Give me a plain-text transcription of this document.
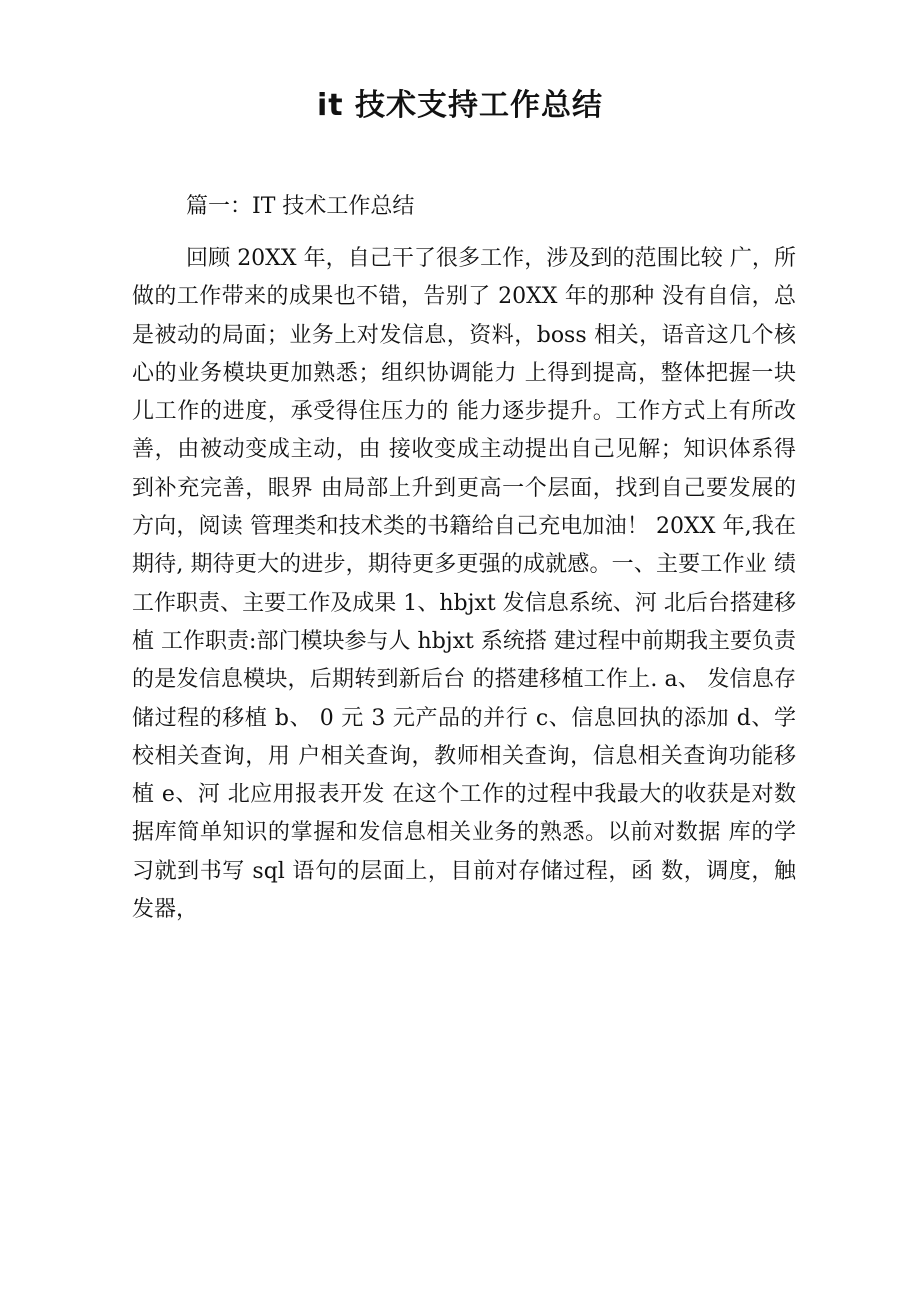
it 技术支持工作总结

篇一：IT 技术工作总结

回顾 20XX 年，自己干了很多工作，涉及到的范围比较 广，所做的工作带来的成果也不错，告别了 20XX 年的那种 没有自信，总是被动的局面；业务上对发信息，资料，boss 相关，语音这几个核心的业务模块更加熟悉；组织协调能力 上得到提高，整体把握一块儿工作的进度，承受得住压力的 能力逐步提升。工作方式上有所改善，由被动变成主动，由 接收变成主动提出自己见解；知识体系得到补充完善，眼界 由局部上升到更高一个层面，找到自己要发展的方向，阅读 管理类和技术类的书籍给自己充电加油！ 20XX 年,我在期待, 期待更大的进步，期待更多更强的成就感。一、主要工作业 绩 工作职责、主要工作及成果 1、hbjxt 发信息系统、河 北后台搭建移植 工作职责:部门模块参与人 hbjxt 系统搭 建过程中前期我主要负责的是发信息模块，后期转到新后台 的搭建移植工作上. a、 发信息存储过程的移植 b、 0 元 3 元产品的并行 c、信息回执的添加 d、学校相关查询，用 户相关查询，教师相关查询，信息相关查询功能移植 e、河 北应用报表开发 在这个工作的过程中我最大的收获是对数 据库简单知识的掌握和发信息相关业务的熟悉。以前对数据 库的学习就到书写 sql 语句的层面上，目前对存储过程，函 数，调度，触发器，
